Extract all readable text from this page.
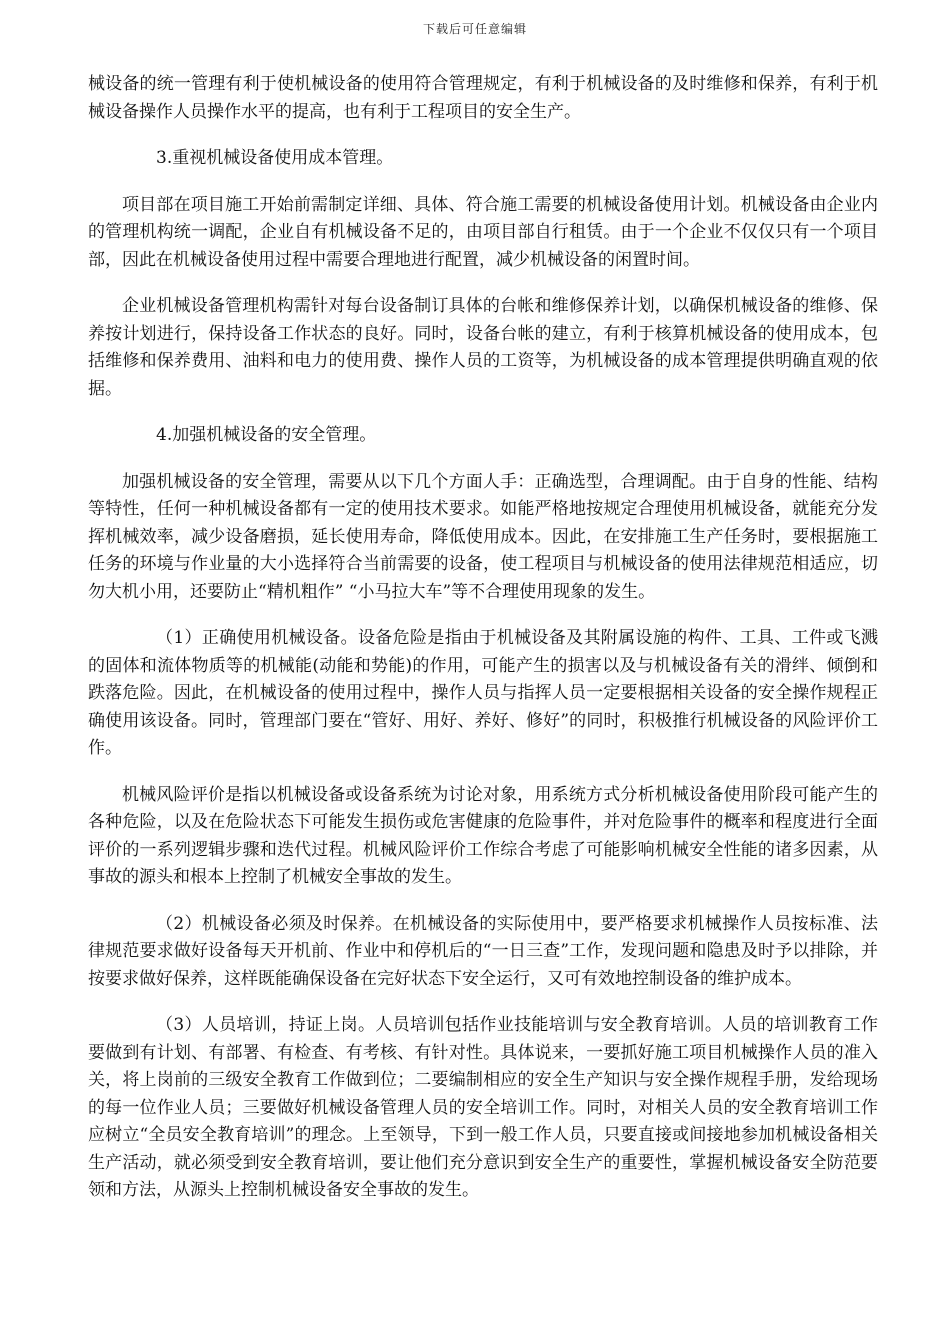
下载后可任意编辑

械设备的统一管理有利于使机械设备的使用符合管理规定，有利于机械设备的及时维修和保养，有利于机械设备操作人员操作水平的提高，也有利于工程项目的安全生产。

3.重视机械设备使用成本管理。

项目部在项目施工开始前需制定详细、具体、符合施工需要的机械设备使用计划。机械设备由企业内的管理机构统一调配，企业自有机械设备不足的，由项目部自行租赁。由于一个企业不仅仅只有一个项目部，因此在机械设备使用过程中需要合理地进行配置，减少机械设备的闲置时间。

企业机械设备管理机构需针对每台设备制订具体的台帐和维修保养计划，以确保机械设备的维修、保养按计划进行，保持设备工作状态的良好。同时，设备台帐的建立，有利于核算机械设备的使用成本，包括维修和保养费用、油料和电力的使用费、操作人员的工资等，为机械设备的成本管理提供明确直观的依据。

4.加强机械设备的安全管理。

加强机械设备的安全管理，需要从以下几个方面人手：正确选型，合理调配。由于自身的性能、结构等特性，任何一种机械设备都有一定的使用技术要求。如能严格地按规定合理使用机械设备，就能充分发挥机械效率，减少设备磨损，延长使用寿命，降低使用成本。因此，在安排施工生产任务时，要根据施工任务的环境与作业量的大小选择符合当前需要的设备，使工程项目与机械设备的使用法律规范相适应，切勿大机小用，还要防止“精机粗作” “小马拉大车”等不合理使用现象的发生。

（1）正确使用机械设备。设备危险是指由于机械设备及其附属设施的构件、工具、工件或飞溅的固体和流体物质等的机械能(动能和势能)的作用，可能产生的损害以及与机械设备有关的滑绊、倾倒和跌落危险。因此，在机械设备的使用过程中，操作人员与指挥人员一定要根据相关设备的安全操作规程正确使用该设备。同时，管理部门要在“管好、用好、养好、修好”的同时，积极推行机械设备的风险评价工作。

机械风险评价是指以机械设备或设备系统为讨论对象，用系统方式分析机械设备使用阶段可能产生的各种危险，以及在危险状态下可能发生损伤或危害健康的危险事件，并对危险事件的概率和程度进行全面评价的一系列逻辑步骤和迭代过程。机械风险评价工作综合考虑了可能影响机械安全性能的诸多因素，从事故的源头和根本上控制了机械安全事故的发生。

（2）机械设备必须及时保养。在机械设备的实际使用中，要严格要求机械操作人员按标准、法律规范要求做好设备每天开机前、作业中和停机后的“一日三查”工作，发现问题和隐患及时予以排除，并按要求做好保养，这样既能确保设备在完好状态下安全运行，又可有效地控制设备的维护成本。

（3）人员培训，持证上岗。人员培训包括作业技能培训与安全教育培训。人员的培训教育工作要做到有计划、有部署、有检查、有考核、有针对性。具体说来，一要抓好施工项目机械操作人员的准入关，将上岗前的三级安全教育工作做到位；二要编制相应的安全生产知识与安全操作规程手册，发给现场的每一位作业人员；三要做好机械设备管理人员的安全培训工作。同时，对相关人员的安全教育培训工作应树立“全员安全教育培训”的理念。上至领导，下到一般工作人员，只要直接或间接地参加机械设备相关生产活动，就必须受到安全教育培训，要让他们充分意识到安全生产的重要性，掌握机械设备安全防范要领和方法，从源头上控制机械设备安全事故的发生。
